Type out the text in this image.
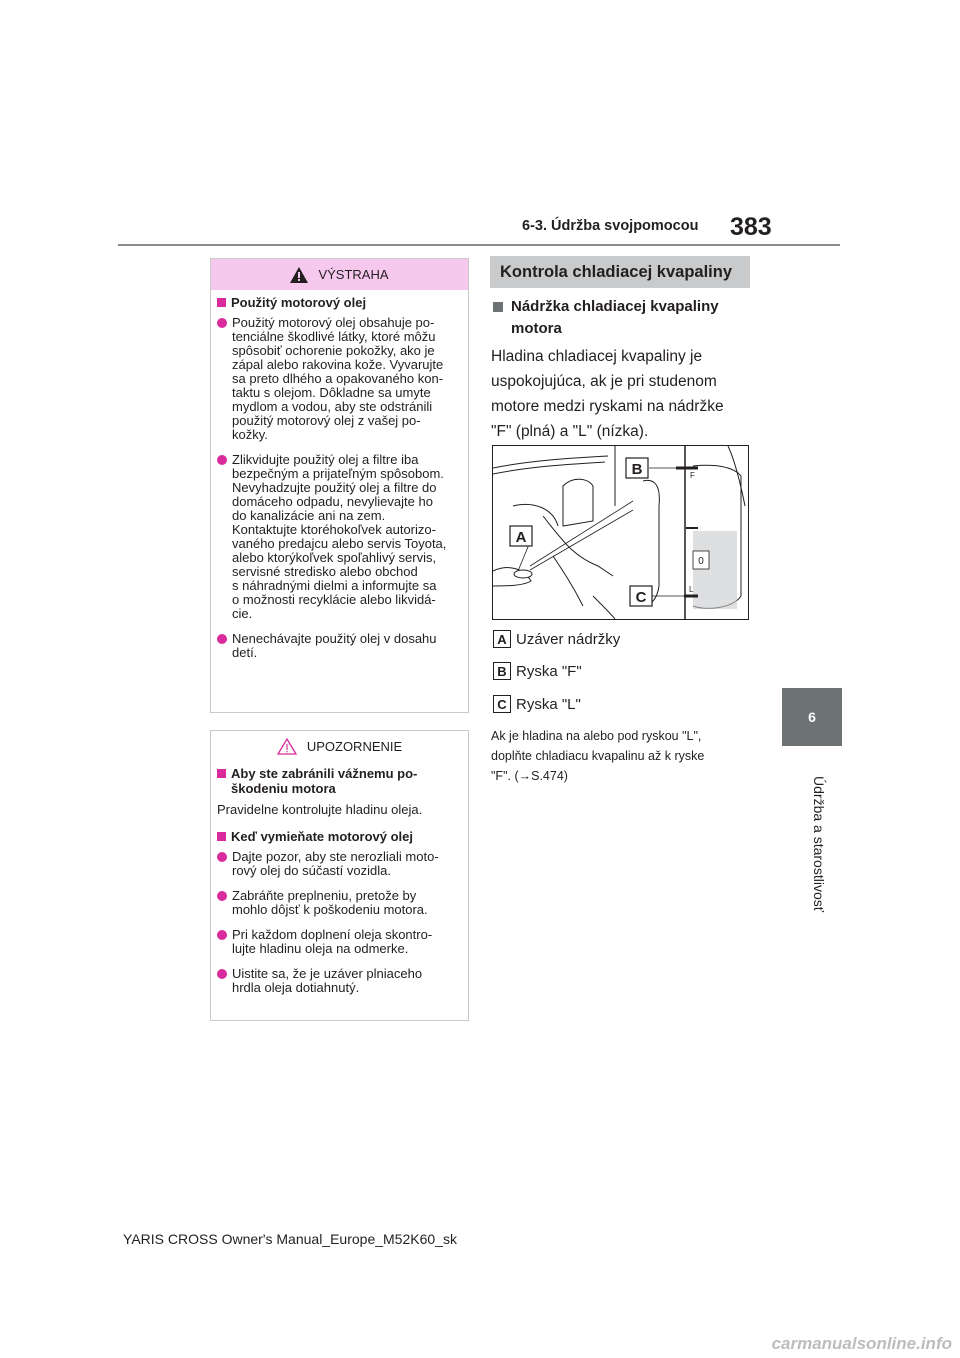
6-3. Údržba svojpomocou 383
6
Údržba a starostlivosť
VÝSTRAHA
Použitý motorový olej
Použitý motorový olej obsahuje po-
tenciálne škodlivé látky, ktoré môžu
spôsobiť ochorenie pokožky, ako je
zápal alebo rakovina kože. Vyvarujte
sa preto dlhého a opakovaného kon-
taktu s olejom. Dôkladne sa umyte
mydlom a vodou, aby ste odstránili
použitý motorový olej z vašej po-
kožky.
Zlikvidujte použitý olej a filtre iba
bezpečným a prijateľným spôsobom.
Nevyhadzujte použitý olej a filtre do
domáceho odpadu, nevylievajte ho
do kanalizácie ani na zem.
Kontaktujte ktoréhokoľvek autorizo-
vaného predajcu alebo servis Toyota,
alebo ktorýkoľvek spoľahlivý servis,
servisné stredisko alebo obchod
s náhradnými dielmi a informujte sa
o možnosti recyklácie alebo likvidá-
cie.
Nenechávajte použitý olej v dosahu
detí.
UPOZORNENIE
Aby ste zabránili vážnemu po-
škodeniu motora
Pravidelne kontrolujte hladinu oleja.
Keď vymieňate motorový olej
Dajte pozor, aby ste nerozliali moto-
rový olej do súčastí vozidla.
Zabráňte preplneniu, pretože by
mohlo dôjsť k poškodeniu motora.
Pri každom doplnení oleja skontro-
lujte hladinu oleja na odmerke.
Uistite sa, že je uzáver plniaceho
hrdla oleja dotiahnutý.
Kontrola chladiacej kvapaliny
Nádržka chladiacej kvapaliny
motora
Hladina chladiacej kvapaliny je
uspokojujúca, ak je pri studenom
motore medzi ryskami na nádržke
"F" (plná) a "L" (nízka).
0
F
L
B
A
C
A Uzáver nádržky
B Ryska "F"
C Ryska "L"
Ak je hladina na alebo pod ryskou "L",
doplňte chladiacu kvapalinu až k ryske
"F". (→S.474)
YARIS CROSS Owner's Manual_Europe_M52K60_sk
carmanualsonline.info
